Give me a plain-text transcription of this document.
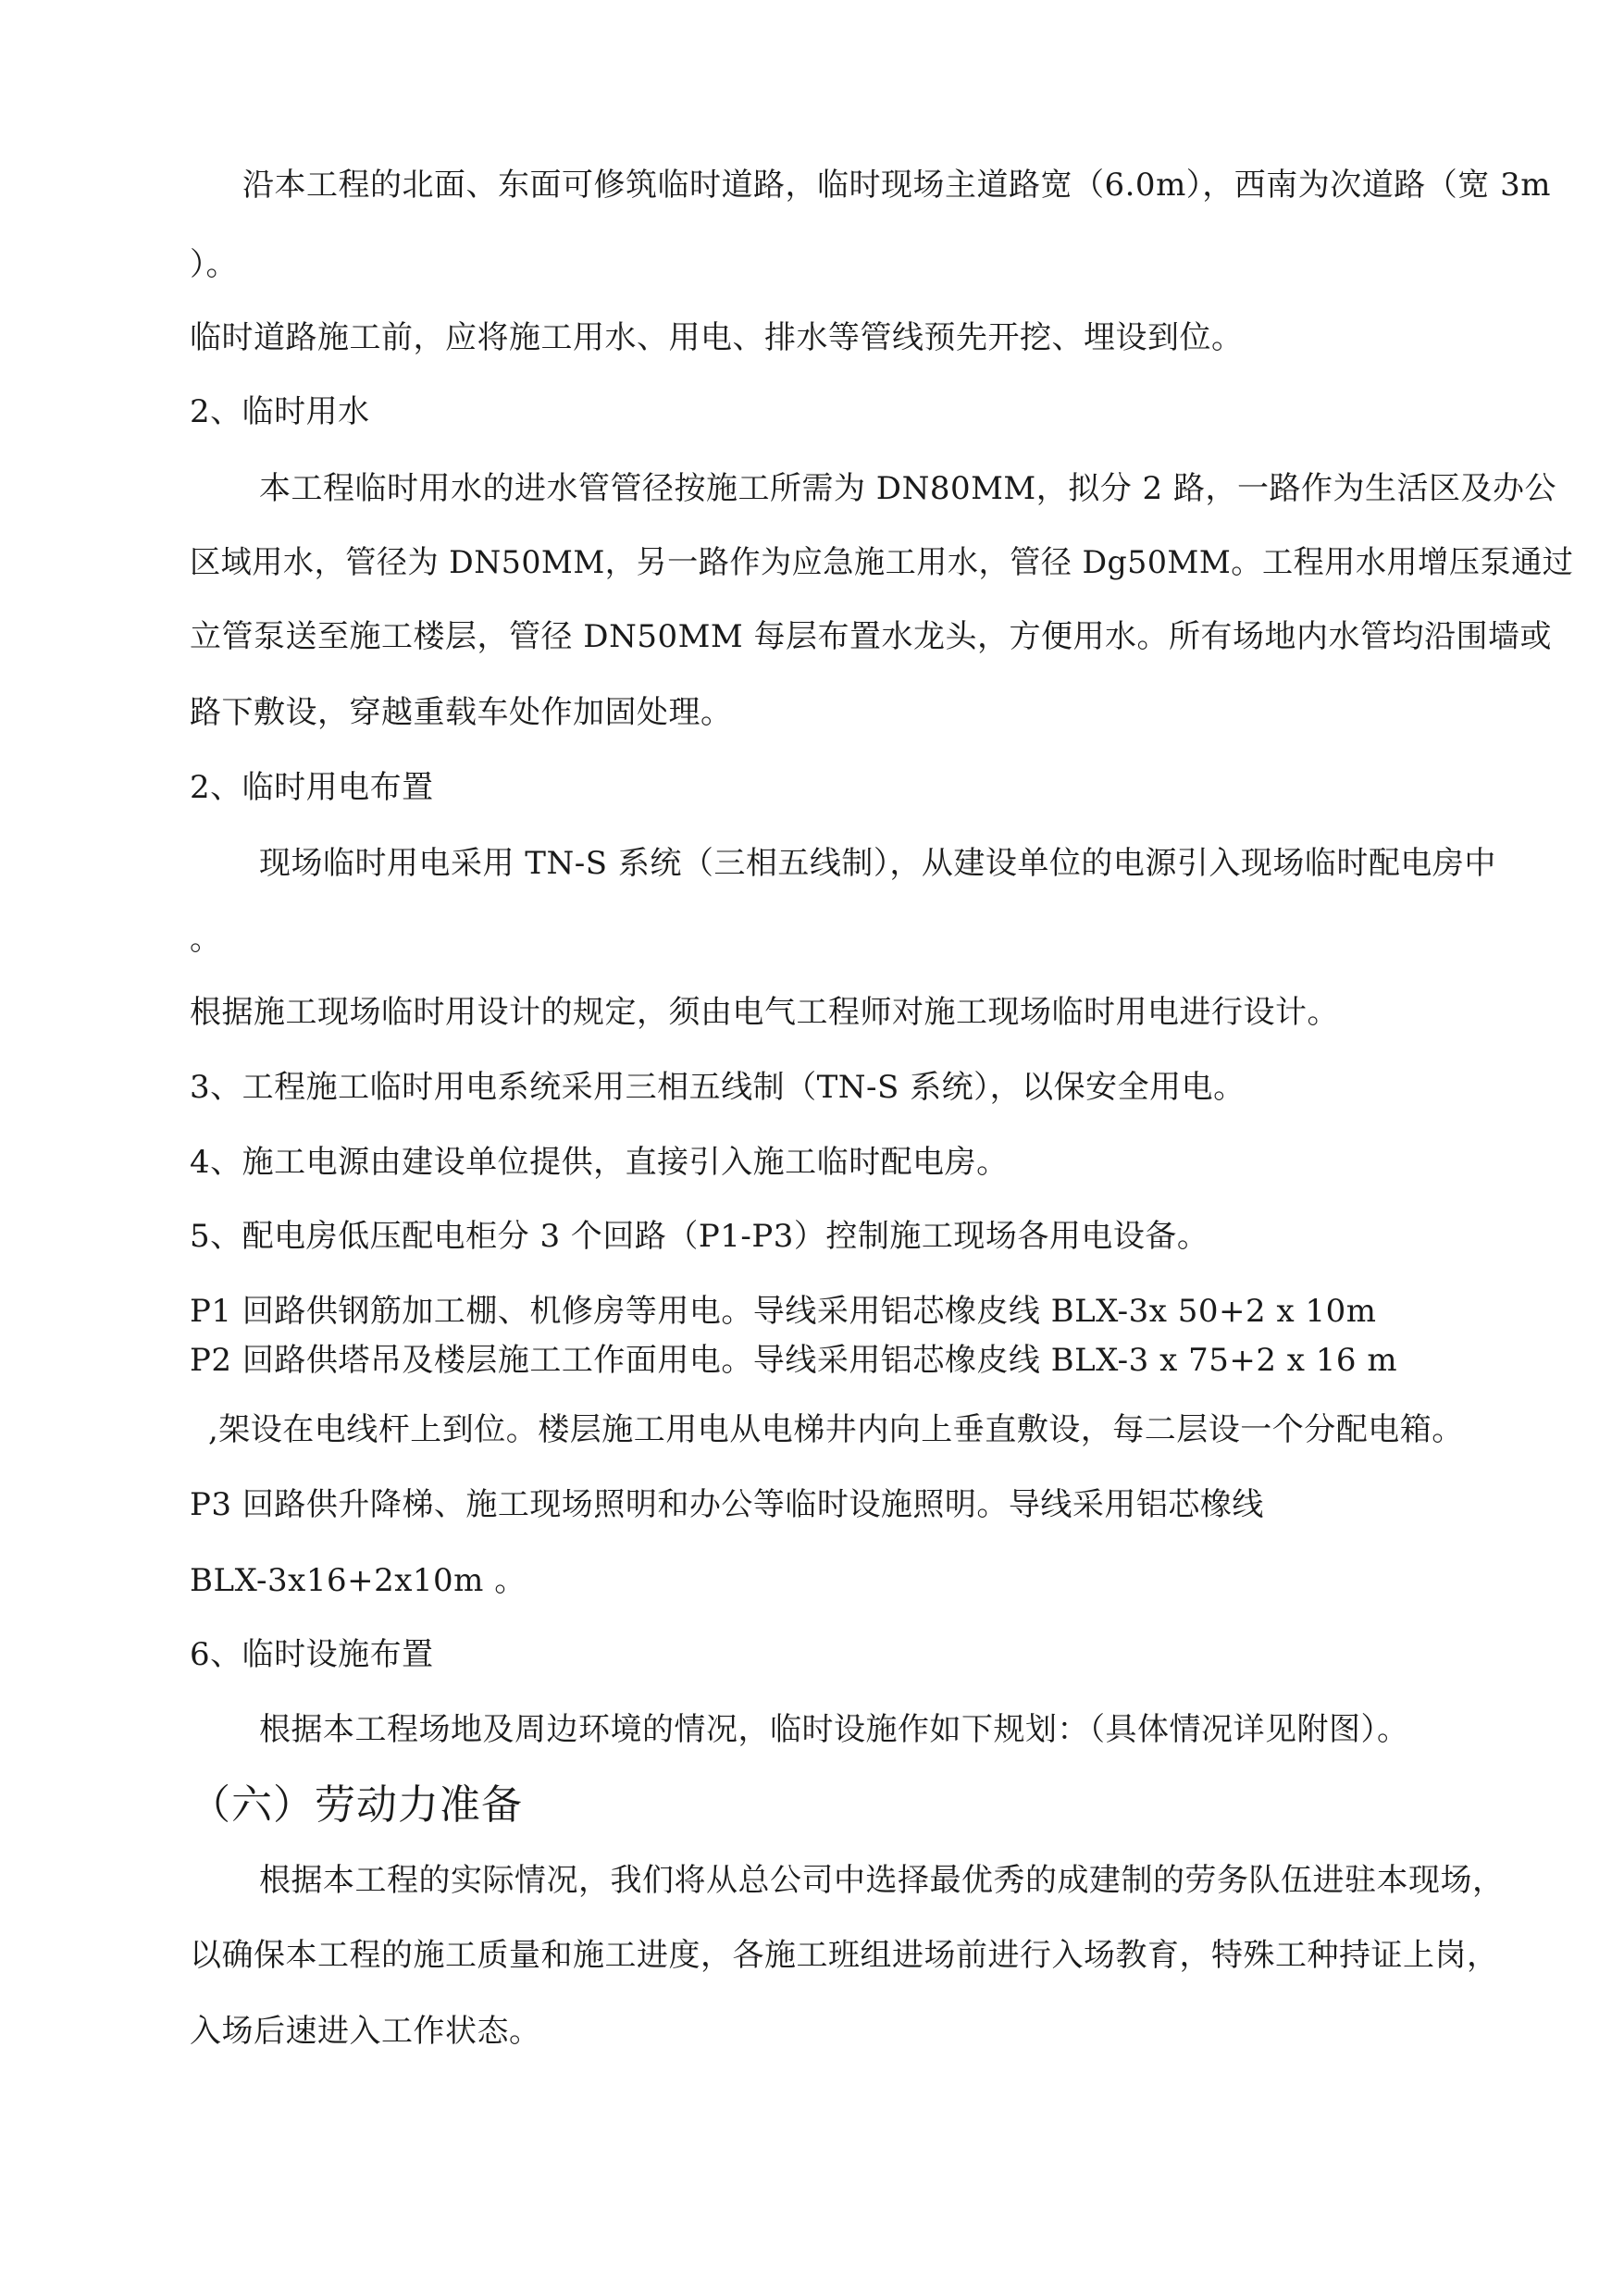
沿本工程的北面、东面可修筑临时道路，临时现场主道路宽（6.0m），西南为次道路（宽 3m
）。
临时道路施工前，应将施工用水、用电、排水等管线预先开挖、埋设到位。
2、临时用水
本工程临时用水的进水管管径按施工所需为 DN80MM，拟分 2 路，一路作为生活区及办公
区域用水，管径为 DN50MM，另一路作为应急施工用水，管径 Dg50MM。工程用水用增压泵通过
立管泵送至施工楼层，管径 DN50MM 每层布置水龙头，方便用水。所有场地内水管均沿围墙或
路下敷设，穿越重载车处作加固处理。
2、临时用电布置
现场临时用电采用 TN-S 系统（三相五线制），从建设单位的电源引入现场临时配电房中
。
根据施工现场临时用设计的规定，须由电气工程师对施工现场临时用电进行设计。
3、工程施工临时用电系统采用三相五线制（TN-S 系统），以保安全用电。
4、施工电源由建设单位提供，直接引入施工临时配电房。
5、配电房低压配电柜分 3 个回路（P1-P3）控制施工现场各用电设备。
P1 回路供钢筋加工棚、机修房等用电。导线采用铝芯橡皮线 BLX-3x 50+2 x 10m
P2 回路供塔吊及楼层施工工作面用电。导线采用铝芯橡皮线 BLX-3 x 75+2 x 16 m
,架设在电线杆上到位。楼层施工用电从电梯井内向上垂直敷设，每二层设一个分配电箱。
P3 回路供升降梯、施工现场照明和办公等临时设施照明。导线采用铝芯橡线
BLX-3x16+2x10m 。
6、临时设施布置
根据本工程场地及周边环境的情况，临时设施作如下规划：（具体情况详见附图）。
（六）劳动力准备
根据本工程的实际情况，我们将从总公司中选择最优秀的成建制的劳务队伍进驻本现场，
以确保本工程的施工质量和施工进度，各施工班组进场前进行入场教育，特殊工种持证上岗，
入场后速进入工作状态。
